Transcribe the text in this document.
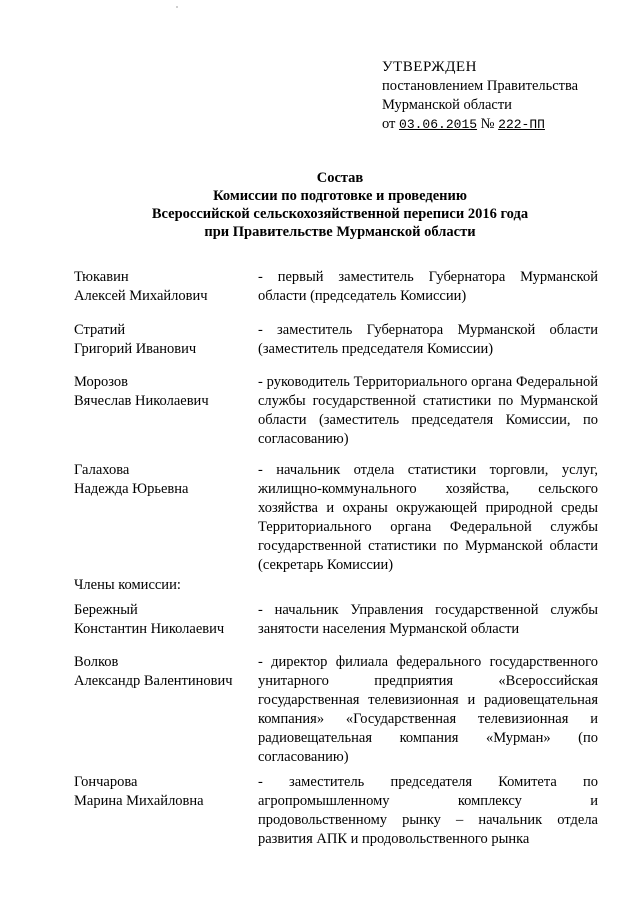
УТВЕРЖДЕН
постановлением Правительства
Мурманской области
от 03.06.2015 № 222-ПП
Состав
Комиссии по подготовке и проведению
Всероссийской сельскохозяйственной переписи 2016 года
при Правительстве Мурманской области
Тюкавин
Алексей Михайлович
- первый заместитель Губернатора Мурманской области (председатель Комиссии)
Стратий
Григорий Иванович
- заместитель Губернатора Мурманской области (заместитель председателя Комиссии)
Морозов
Вячеслав Николаевич
- руководитель Территориального органа Федеральной службы государственной статистики по Мурманской области (заместитель председателя Комиссии, по согласованию)
Галахова
Надежда Юрьевна
- начальник отдела статистики торговли, услуг, жилищно-коммунального хозяйства, сельского хозяйства и охраны окружающей природной среды Территориального органа Федеральной службы государственной статистики по Мурманской области (секретарь Комиссии)
Члены комиссии:
Бережный
Константин Николаевич
- начальник Управления государственной службы занятости населения Мурманской области
Волков
Александр Валентинович
- директор филиала федерального государственного унитарного предприятия «Всероссийская государственная телевизионная и радиовещательная компания» «Государственная телевизионная и радиовещательная компания «Мурман» (по согласованию)
Гончарова
Марина Михайловна
- заместитель председателя Комитета по агропромышленному комплексу и продовольственному рынку – начальник отдела развития АПК и продовольственного рынка
